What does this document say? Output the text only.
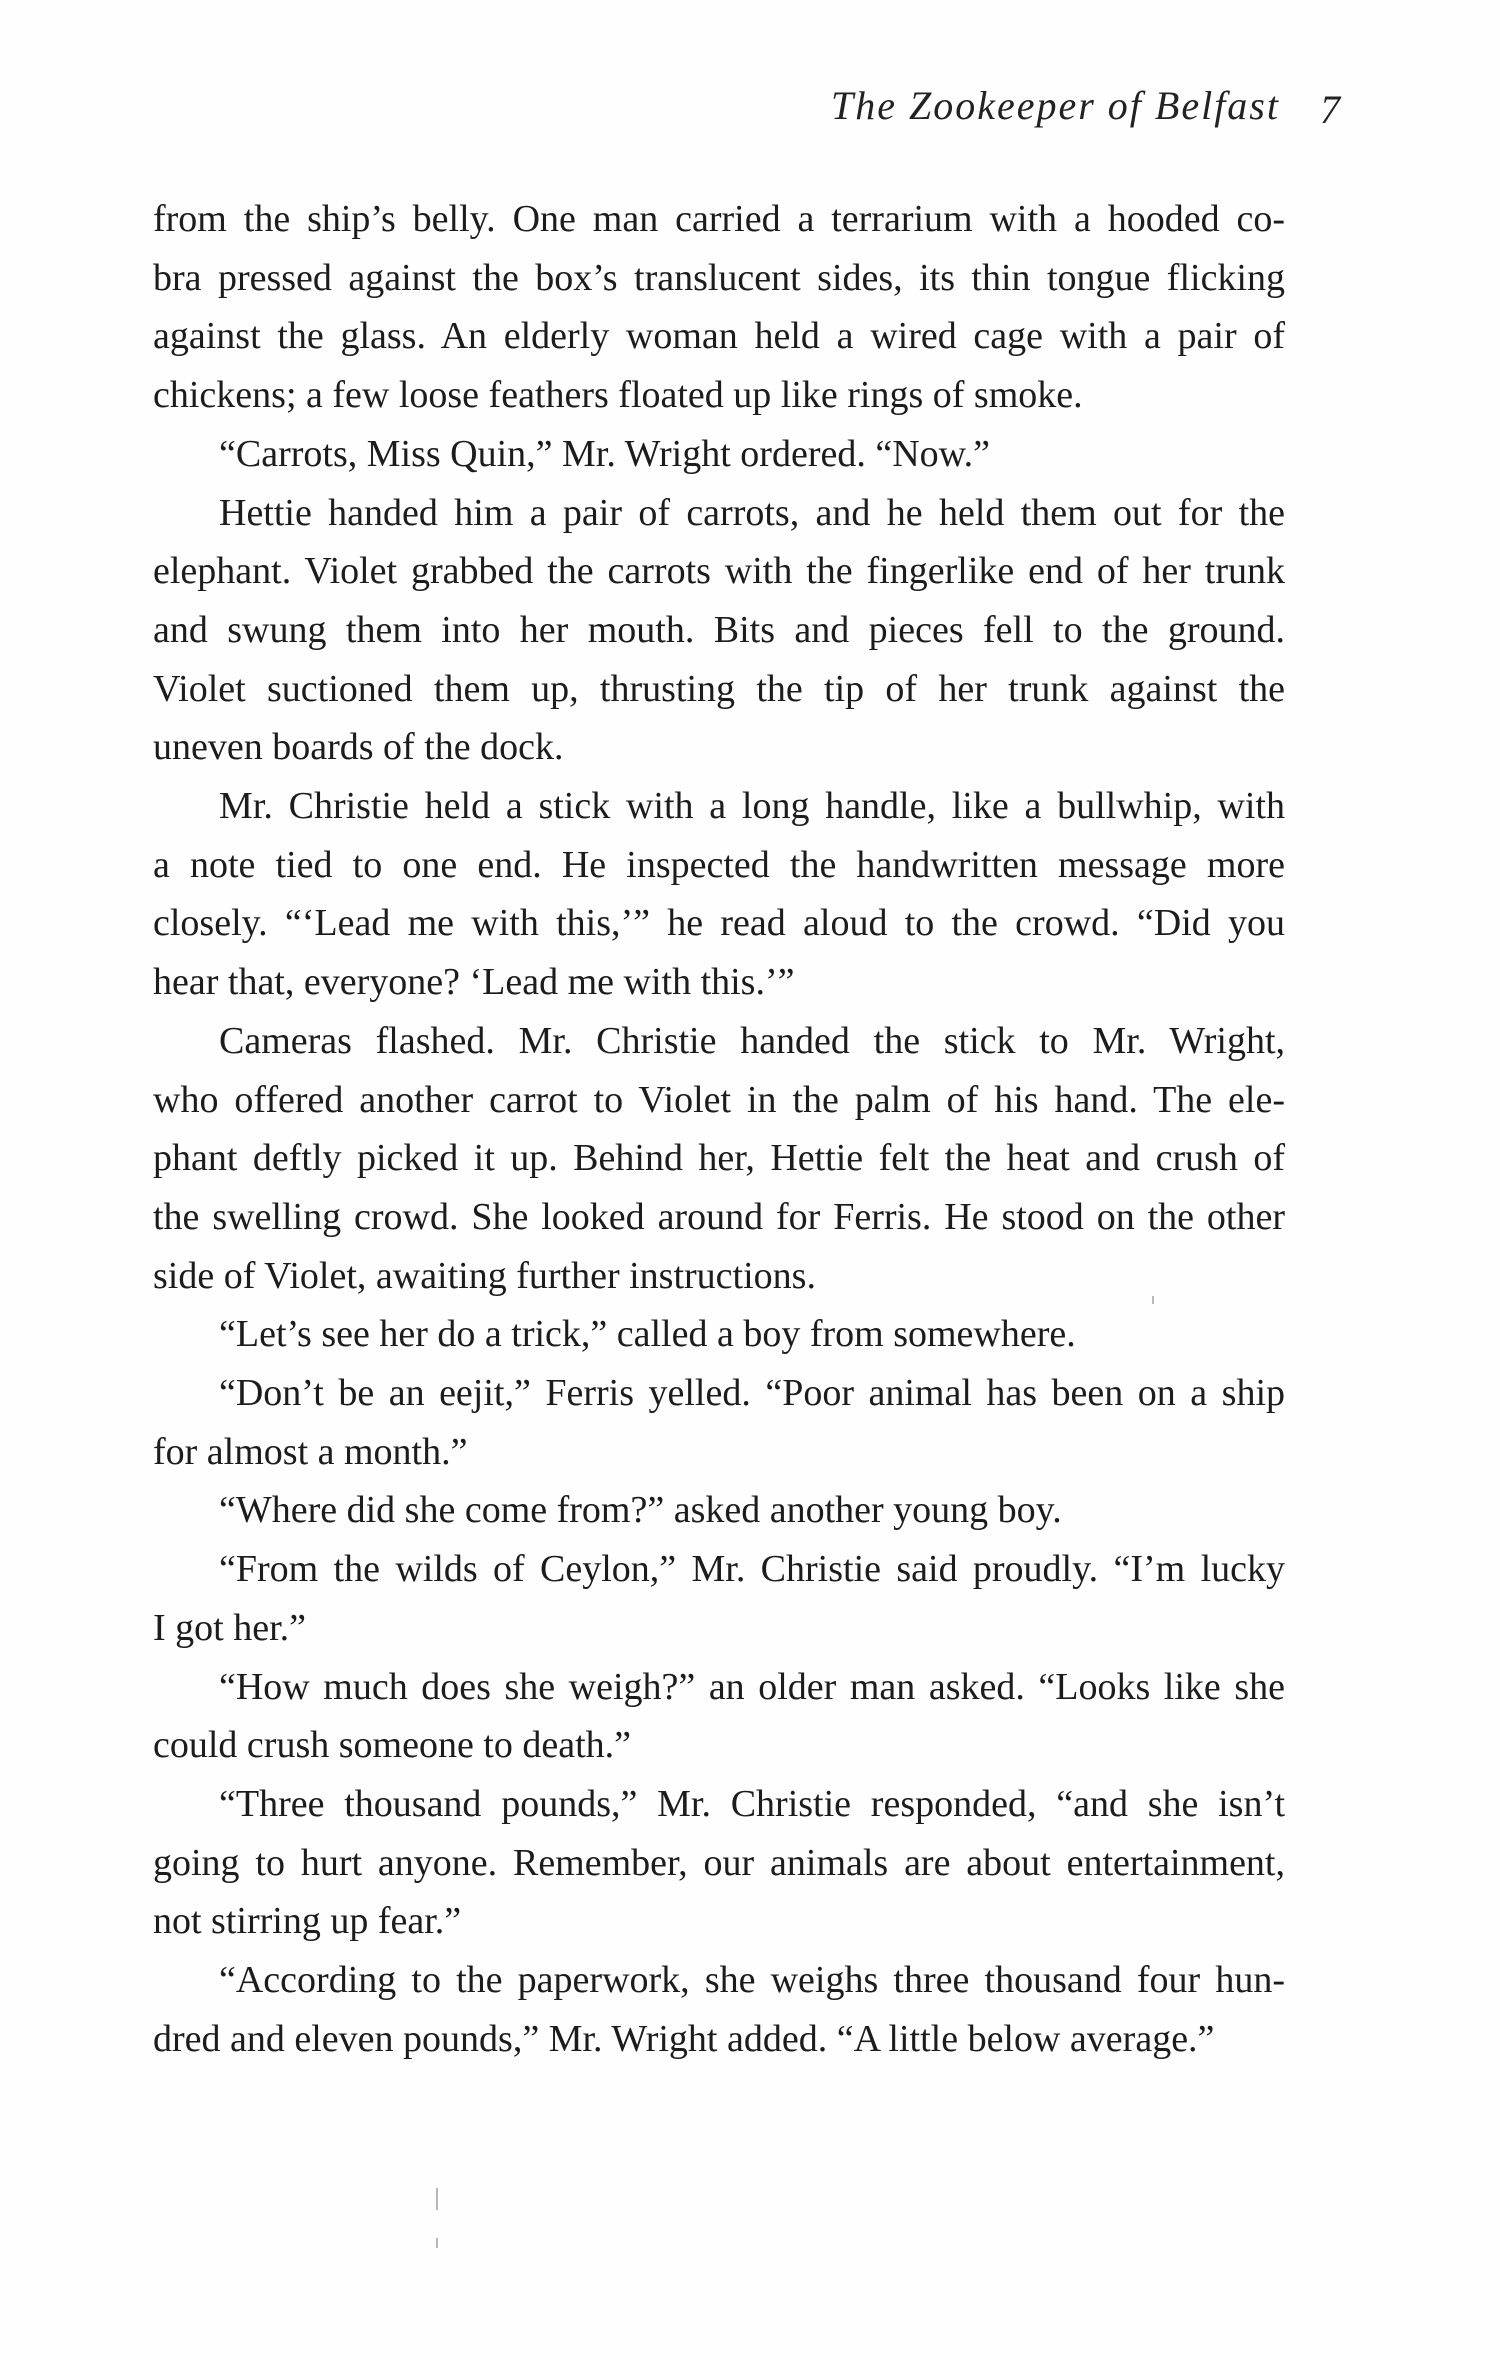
The Zookeeper of Belfast 7
from the ship’s belly. One man carried a terrarium with a hooded co-
bra pressed against the box’s translucent sides, its thin tongue flicking
against the glass. An elderly woman held a wired cage with a pair of
chickens; a few loose feathers floated up like rings of smoke.
“Carrots, Miss Quin,” Mr. Wright ordered. “Now.”
Hettie handed him a pair of carrots, and he held them out for the
elephant. Violet grabbed the carrots with the fingerlike end of her trunk
and swung them into her mouth. Bits and pieces fell to the ground.
Violet suctioned them up, thrusting the tip of her trunk against the
uneven boards of the dock.
Mr. Christie held a stick with a long handle, like a bullwhip, with
a note tied to one end. He inspected the handwritten message more
closely. “‘Lead me with this,’” he read aloud to the crowd. “Did you
hear that, everyone? ‘Lead me with this.’”
Cameras flashed. Mr. Christie handed the stick to Mr. Wright,
who offered another carrot to Violet in the palm of his hand. The ele-
phant deftly picked it up. Behind her, Hettie felt the heat and crush of
the swelling crowd. She looked around for Ferris. He stood on the other
side of Violet, awaiting further instructions.
“Let’s see her do a trick,” called a boy from somewhere.
“Don’t be an eejit,” Ferris yelled. “Poor animal has been on a ship
for almost a month.”
“Where did she come from?” asked another young boy.
“From the wilds of Ceylon,” Mr. Christie said proudly. “I’m lucky
I got her.”
“How much does she weigh?” an older man asked. “Looks like she
could crush someone to death.”
“Three thousand pounds,” Mr. Christie responded, “and she isn’t
going to hurt anyone. Remember, our animals are about entertainment,
not stirring up fear.”
“According to the paperwork, she weighs three thousand four hun-
dred and eleven pounds,” Mr. Wright added. “A little below average.”
